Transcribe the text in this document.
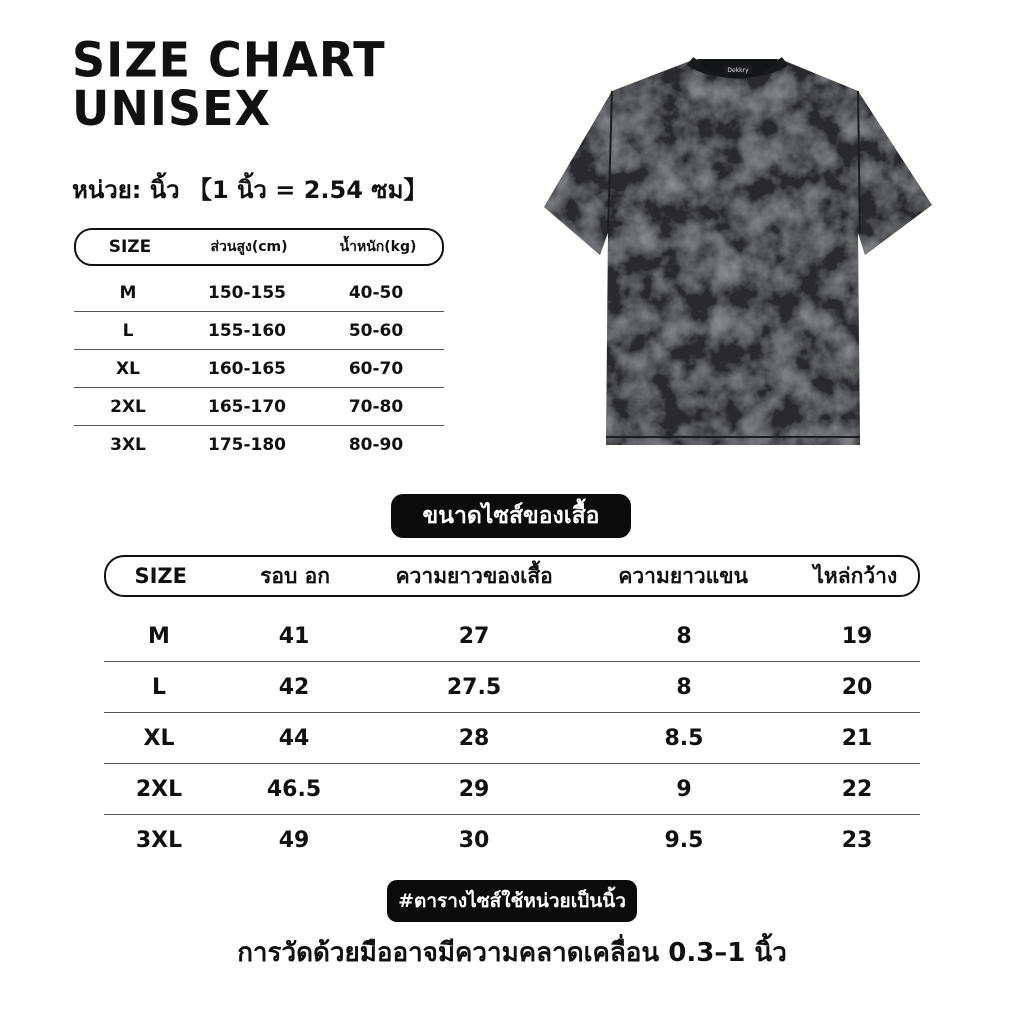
SIZE CHART
UNISEX
หน่วย: นิ้ว 【1 นิ้ว = 2.54 ซม】
SIZE	ส่วนสูง(cm)	น้ำหนัก(kg)
M	150-155	40-50
L	155-160	50-60
XL	160-165	60-70
2XL	165-170	70-80
3XL	175-180	80-90
Dekkry
ขนาดไซส์ของเสื้อ
SIZE	รอบ อก	ความยาวของเสื้อ	ความยาวแขน	ไหล่กว้าง
M	41	27	8	19
L	42	27.5	8	20
XL	44	28	8.5	21
2XL	46.5	29	9	22
3XL	49	30	9.5	23
#ตารางไซส์ใช้หน่วยเป็นนิ้ว
การวัดด้วยมืออาจมีความคลาดเคลื่อน 0.3–1 นิ้ว
